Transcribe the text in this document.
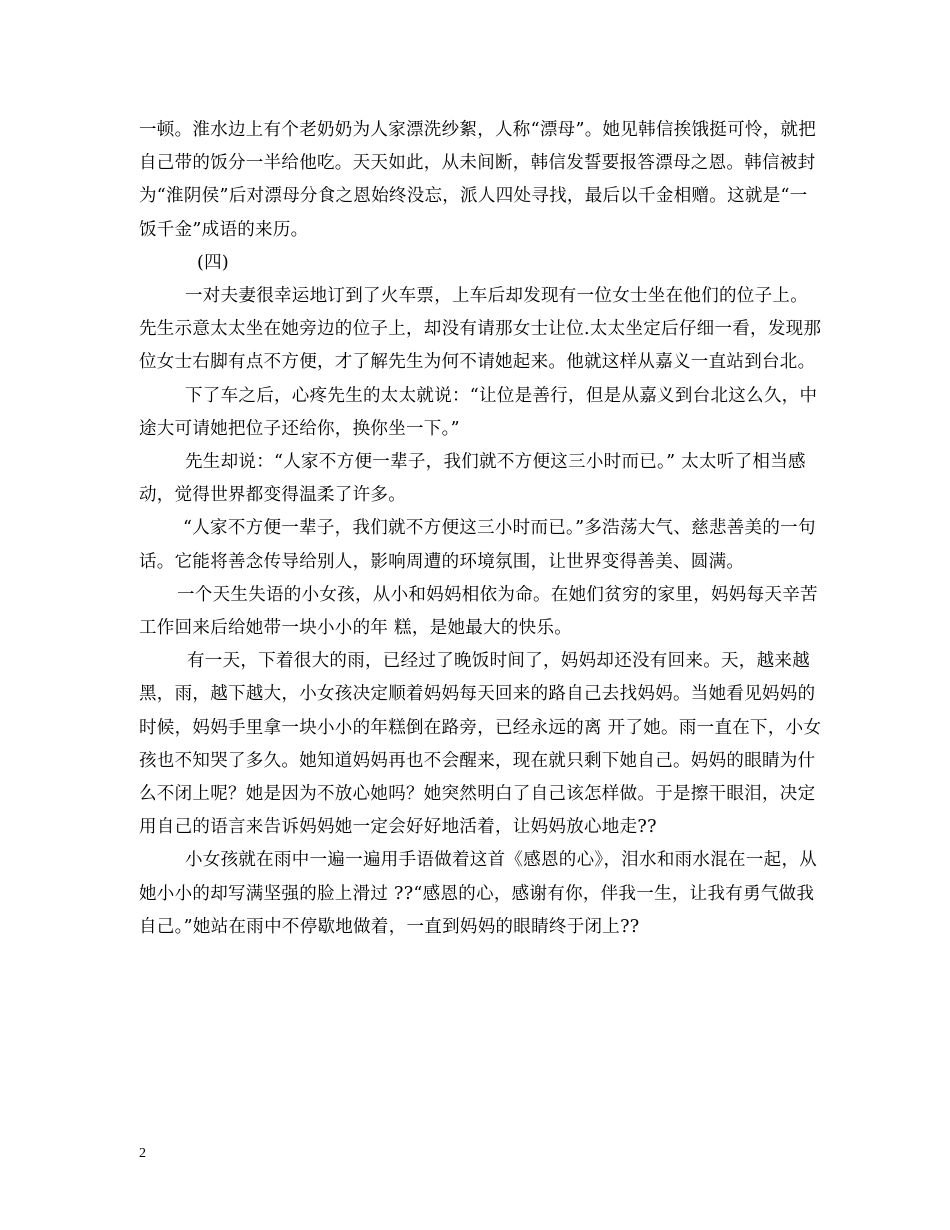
一顿。淮水边上有个老奶奶为人家漂洗纱絮，人称“漂母”。她见韩信挨饿挺可怜，就把自己带的饭分一半给他吃。天天如此，从未间断，韩信发誓要报答漂母之恩。韩信被封为“淮阴侯”后对漂母分食之恩始终没忘，派人四处寻找，最后以千金相赠。这就是“一饭千金”成语的来历。

(四)

一对夫妻很幸运地订到了火车票，上车后却发现有一位女士坐在他们的位子上。先生示意太太坐在她旁边的位子上，却没有请那女士让位.太太坐定后仔细一看，发现那位女士右脚有点不方便，才了解先生为何不请她起来。他就这样从嘉义一直站到台北。

下了车之后，心疼先生的太太就说：“让位是善行，但是从嘉义到台北这么久，中途大可请她把位子还给你，换你坐一下。”

先生却说：“人家不方便一辈子，我们就不方便这三小时而已。” 太太听了相当感动，觉得世界都变得温柔了许多。

“人家不方便一辈子，我们就不方便这三小时而已。”多浩荡大气、慈悲善美的一句话。它能将善念传导给别人，影响周遭的环境氛围，让世界变得善美、圆满。

一个天生失语的小女孩，从小和妈妈相依为命。在她们贫穷的家里，妈妈每天辛苦工作回来后给她带一块小小的年 糕，是她最大的快乐。

有一天，下着很大的雨，已经过了晚饭时间了，妈妈却还没有回来。天，越来越黑，雨，越下越大，小女孩决定顺着妈妈每天回来的路自己去找妈妈。当她看见妈妈的时候，妈妈手里拿一块小小的年糕倒在路旁，已经永远的离 开了她。雨一直在下，小女孩也不知哭了多久。她知道妈妈再也不会醒来，现在就只剩下她自己。妈妈的眼睛为什么不闭上呢？她是因为不放心她吗？她突然明白了自己该怎样做。于是擦干眼泪，决定用自己的语言来告诉妈妈她一定会好好地活着，让妈妈放心地走??

小女孩就在雨中一遍一遍用手语做着这首《感恩的心》，泪水和雨水混在一起，从她小小的却写满坚强的脸上滑过 ??“感恩的心，感谢有你，伴我一生，让我有勇气做我自己。”她站在雨中不停歇地做着，一直到妈妈的眼睛终于闭上??

2
